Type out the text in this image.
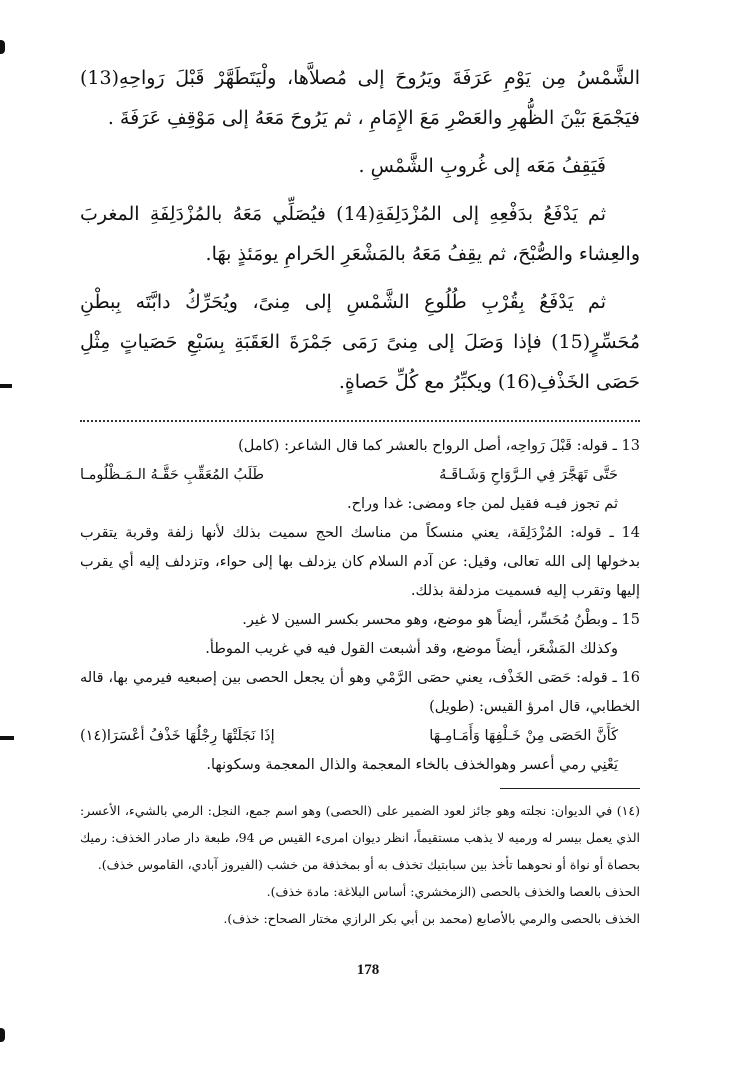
الشَّمْسُ مِن يَوْمِ عَرَفَةَ ويَرُوحَ إلى مُصلاَّها، ولْيَتَطَهَّرْ قَبْلَ رَواحِهِ(13) فيَجْمَعَ بَيْنَ الظُّهرِ والعَصْرِ مَعَ الإِمَامِ ، ثم يَرُوحَ مَعَهُ إلى مَوْقِفِ عَرَفَةَ .

فَيَقِفُ مَعَه إلى غُروبِ الشَّمْسِ .

ثم يَدْفَعُ بدَفْعِهِ إلى المُزْدَلِفَةِ(14) فيُصَلِّي مَعَهُ بالمُزْدَلِفَةِ المغربَ والعِشاء والصُّبْحَ، ثم يقِفُ مَعَهُ بالمَشْعَرِ الحَرامِ يومَئذٍ بهَا.

ثم يَدْفَعُ بِقُرْبِ طُلُوعِ الشَّمْسِ إلى مِنىً، ويُحَرِّكُ دابَّتَه بِبطْنِ مُحَسِّرٍ(15) فإذا وَصَلَ إلى مِنىً رَمَى جَمْرَةَ العَقَبَةِ بِسَبْعِ حَصَياتٍ مِثْلِ حَصَى الخَذْفِ(16) ويكبِّرُ مع كُلِّ حَصاةٍ.

13 ـ قوله: قَبْلَ رَواحِه، أصل الرواح بالعشر كما قال الشاعر: (كامل)

حَتَّى تَهَجَّرَ فِي الـرَّوَاحِ وَشَـاقَـهُ
طَلَبُ المُعَقِّبِ حَقَّـهُ الـمَـظْلُومـا

ثم تجوز فيـه فقيل لمن جاء ومضى: غدا وراح.

14 ـ قوله: المُزْدَلِفَة، يعني منسكاً من مناسك الحج سميت بذلك لأنها زلفة وقربة يتقرب بدخولها إلى الله تعالى، وقيل: عن آدم السلام كان يزدلف بها إلى حواء، وتزدلف إليه أي يقرب إليها وتقرب إليه فسميت مزدلفة بذلك.

15 ـ وبطْنُ مُحَسِّر، أيضاً هو موضع، وهو محسر بكسر السين لا غير.

وكذلك المَشْعَر، أيضاً موضع، وقد أشبعت القول فيه في غريب الموطأ.

16 ـ قوله: حَصَى الخَذْف، يعني حصَى الرَّمْي وهو أن يجعل الحصى بين إصبعيه فيرمي بها، قاله الخطابي، قال امرؤ القيس: (طويل)

كَأَنَّ الحَصَى مِنْ خَـلْفِهَا وَأَمَـامِـهَا
إذَا نَجَلَتْهَا رِجْلُهَا خَذْفُ أعْسَرَا(١٤)

يَعْنِي رمي أعسر وهوالخذف بالخاء المعجمة والذال المعجمة وسكونها.

(١٤) في الديوان: نجلته وهو جائز لعود الضمير على (الحصى) وهو اسم جمع، النجل: الرمي بالشيء، الأعسر: الذي يعمل بيسر له ورميه لا يذهب مستقيماً، انظر ديوان امرىء القيس ص 94، طبعة دار صادر الخذف: رميك بحصاة أو نواة أو نحوهما تأخذ بين سبابتيك تخذف به أو بمخذفة من خشب (الفيروز آبادي، القاموس خذف).

الحذف بالعصا والخذف بالحصى (الزمخشري: أساس البلاغة: مادة خذف).

الخذف بالحصى والرمي بالأصابع (محمد بن أبي بكر الرازي مختار الصحاح: خذف).

178
